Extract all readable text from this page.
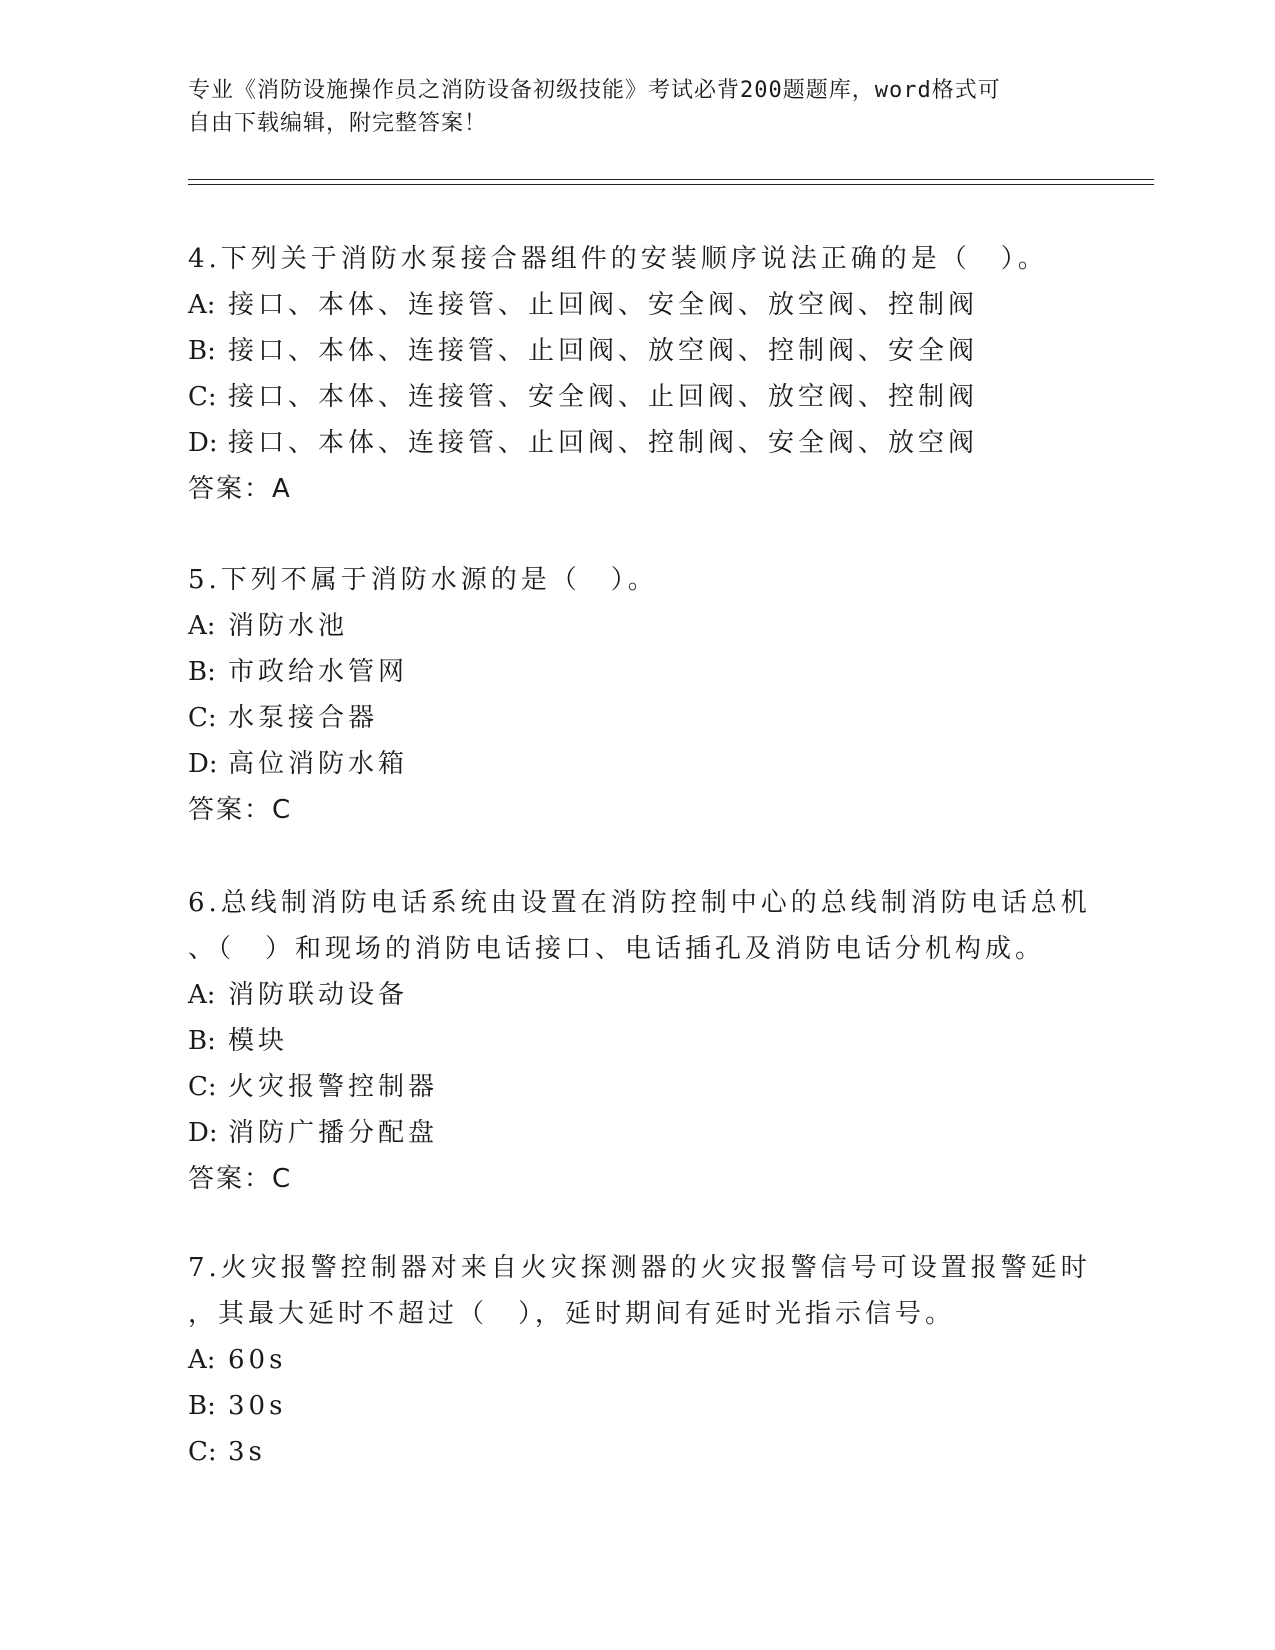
专业《消防设施操作员之消防设备初级技能》考试必背200题题库，word格式可
自由下载编辑，附完整答案！
4.下列关于消防水泵接合器组件的安装顺序说法正确的是（　）。
A: 接口、本体、连接管、止回阀、安全阀、放空阀、控制阀
B: 接口、本体、连接管、止回阀、放空阀、控制阀、安全阀
C: 接口、本体、连接管、安全阀、止回阀、放空阀、控制阀
D: 接口、本体、连接管、止回阀、控制阀、安全阀、放空阀
答案：A
5.下列不属于消防水源的是（　）。
A: 消防水池
B: 市政给水管网
C: 水泵接合器
D: 高位消防水箱
答案：C
6.总线制消防电话系统由设置在消防控制中心的总线制消防电话总机
、（　）和现场的消防电话接口、电话插孔及消防电话分机构成。
A: 消防联动设备
B: 模块
C: 火灾报警控制器
D: 消防广播分配盘
答案：C
7.火灾报警控制器对来自火灾探测器的火灾报警信号可设置报警延时
，其最大延时不超过（　），延时期间有延时光指示信号。
A: 60s
B: 30s
C: 3s
